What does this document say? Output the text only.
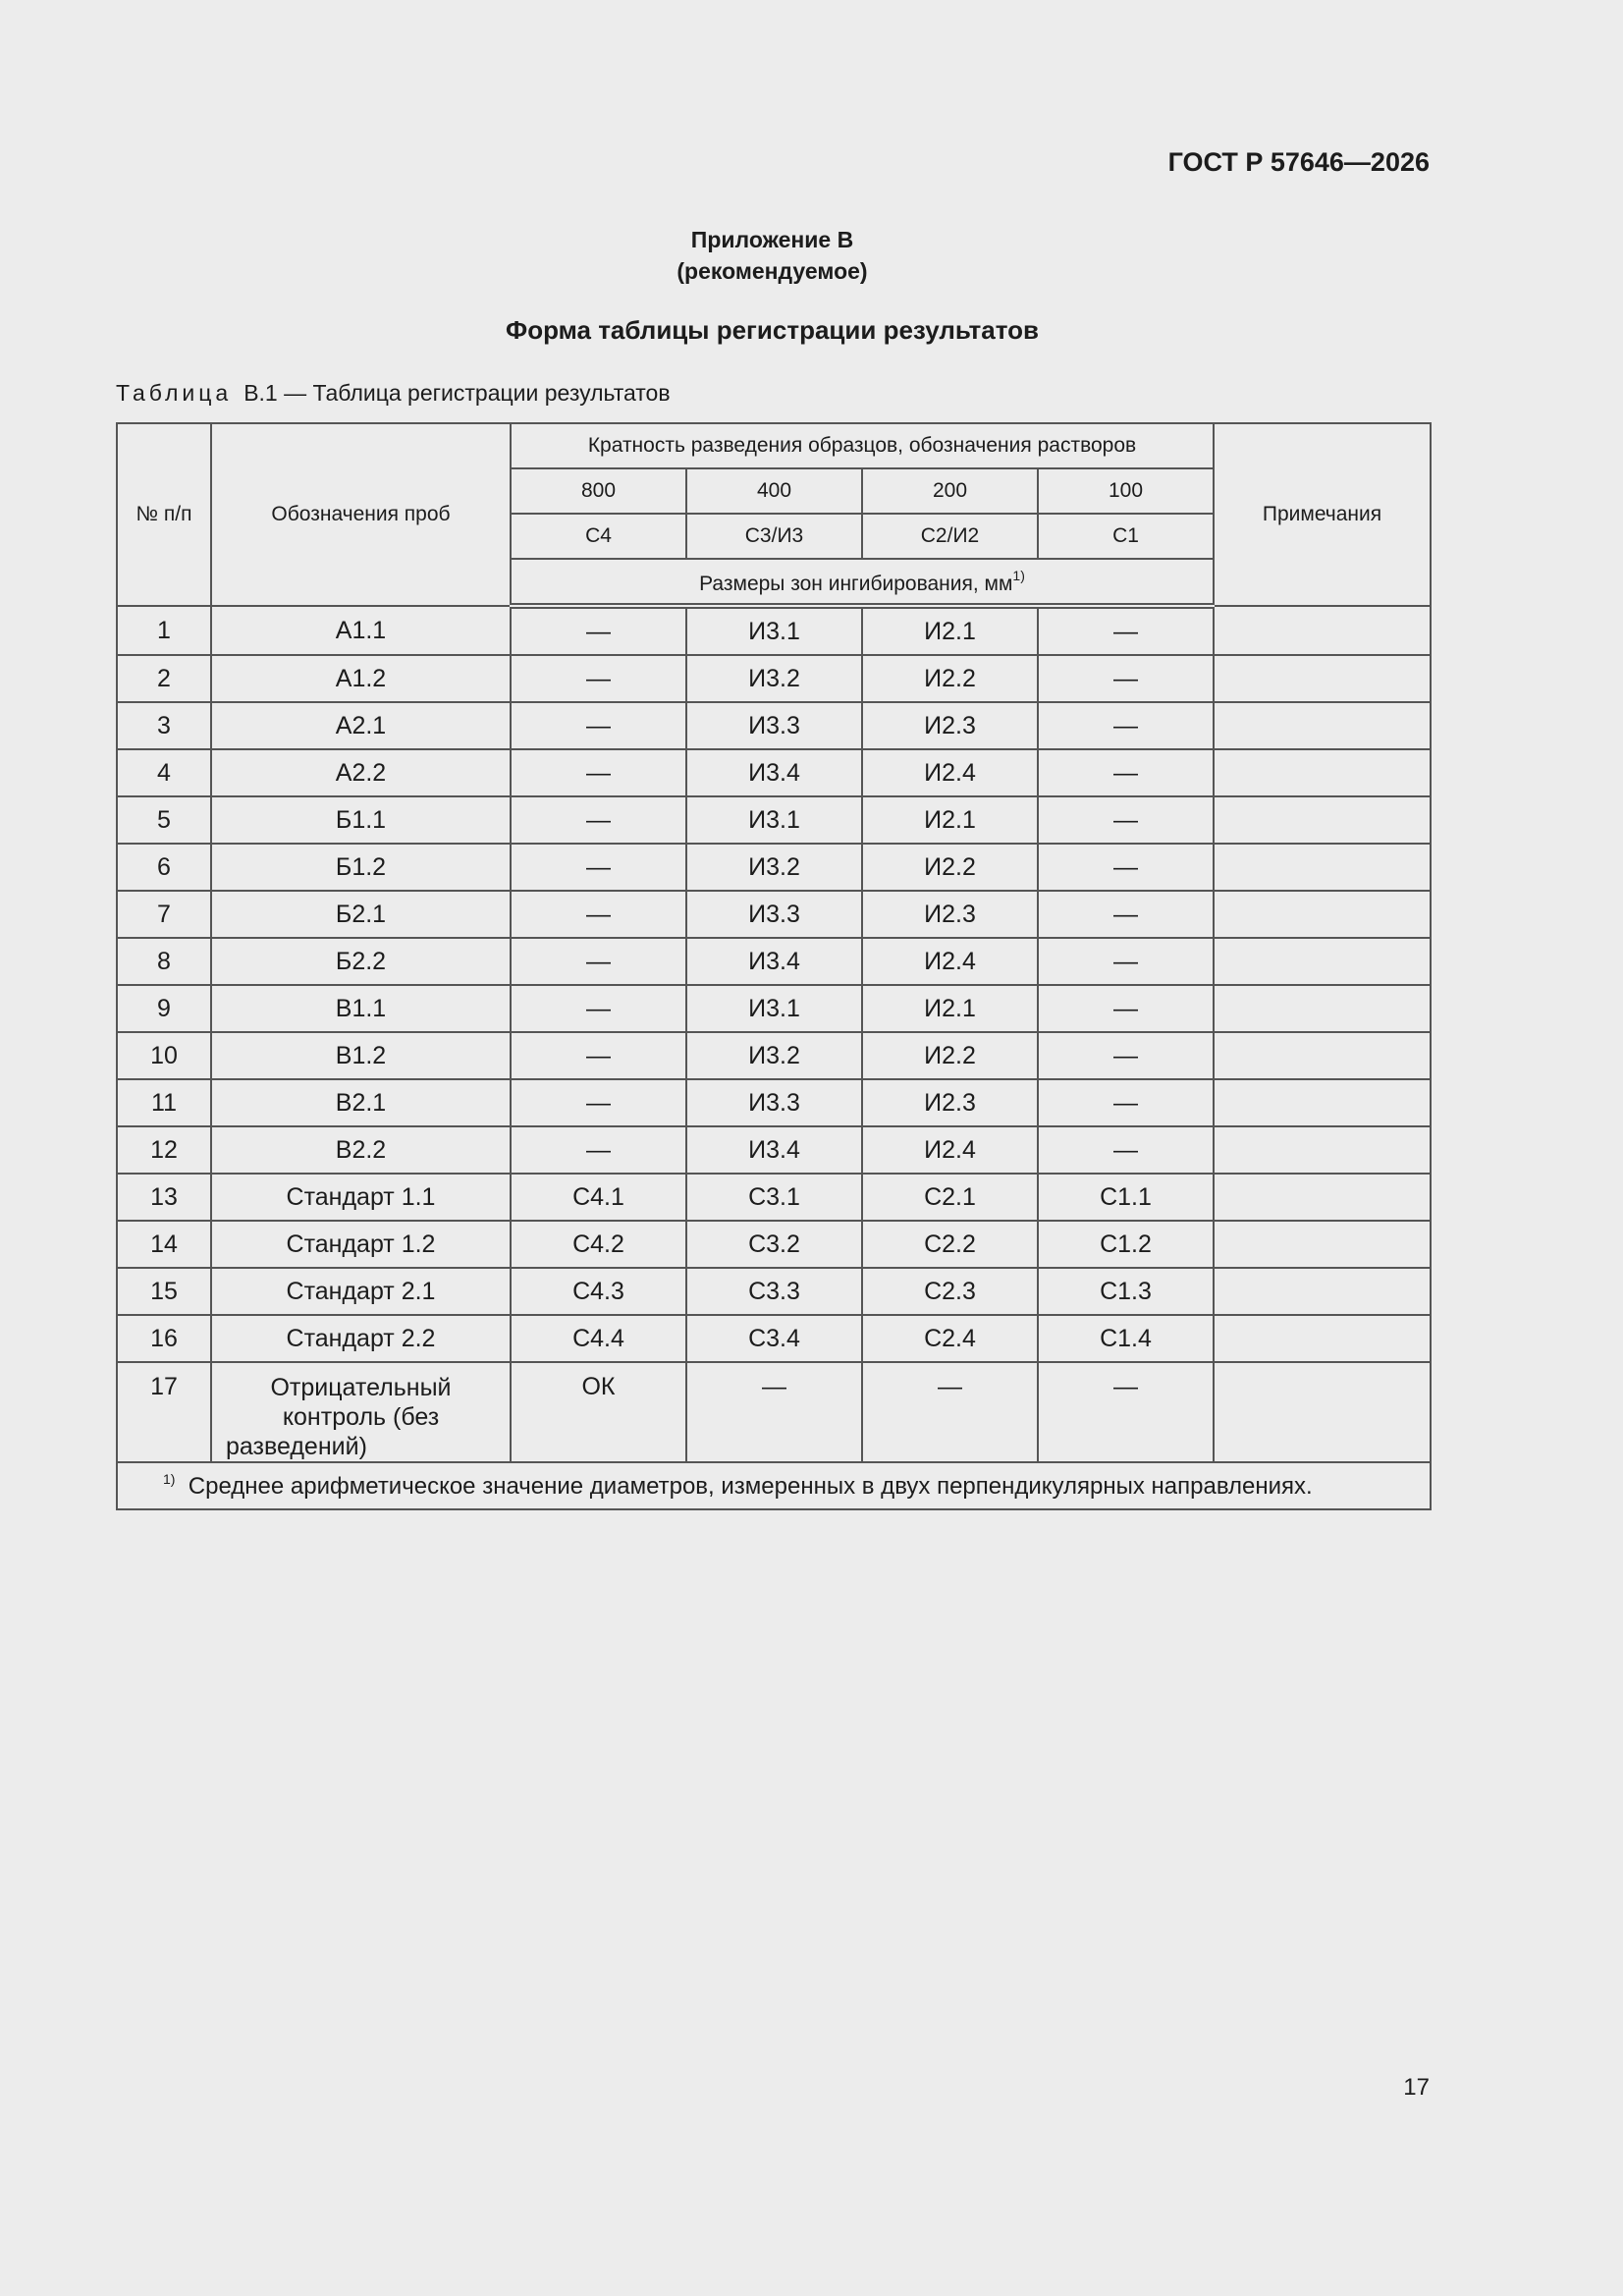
ГОСТ Р 57646—2026
Приложение В
(рекомендуемое)
Форма таблицы регистрации результатов
Таблица В.1 — Таблица регистрации результатов
№ п/п	Обозначения проб	Кратность разведения образцов, обозначения растворов				Примечания
		800	400	200	100	
		С4	С3/И3	С2/И2	С1	
		Размеры зон ингибирования, $мм^{1)}$
1	А1.1	—	И3.1	И2.1	—	
2	А1.2	—	И3.2	И2.2	—	
3	А2.1	—	И3.3	И2.3	—	
4	А2.2	—	И3.4	И2.4	—	
5	Б1.1	—	И3.1	И2.1	—	
6	Б1.2	—	И3.2	И2.2	—	
7	Б2.1	—	И3.3	И2.3	—	
8	Б2.2	—	И3.4	И2.4	—	
9	В1.1	—	И3.1	И2.1	—	
10	В1.2	—	И3.2	И2.2	—	
11	В2.1	—	И3.3	И2.3	—	
12	В2.2	—	И3.4	И2.4	—	
13	Стандарт 1.1	С4.1	С3.1	С2.1	С1.1	
14	Стандарт 1.2	С4.2	С3.2	С2.2	С1.2	
15	Стандарт 2.1	С4.3	С3.3	С2.3	С1.3	
16	Стандарт 2.2	С4.4	С3.4	С2.4	С1.4	
17	Отрицательный контроль (без разведений)	ОК	—	—	—	
$^{1)}$ Среднее арифметическое значение диаметров, измеренных в двух перпендикулярных направлениях.						
17
